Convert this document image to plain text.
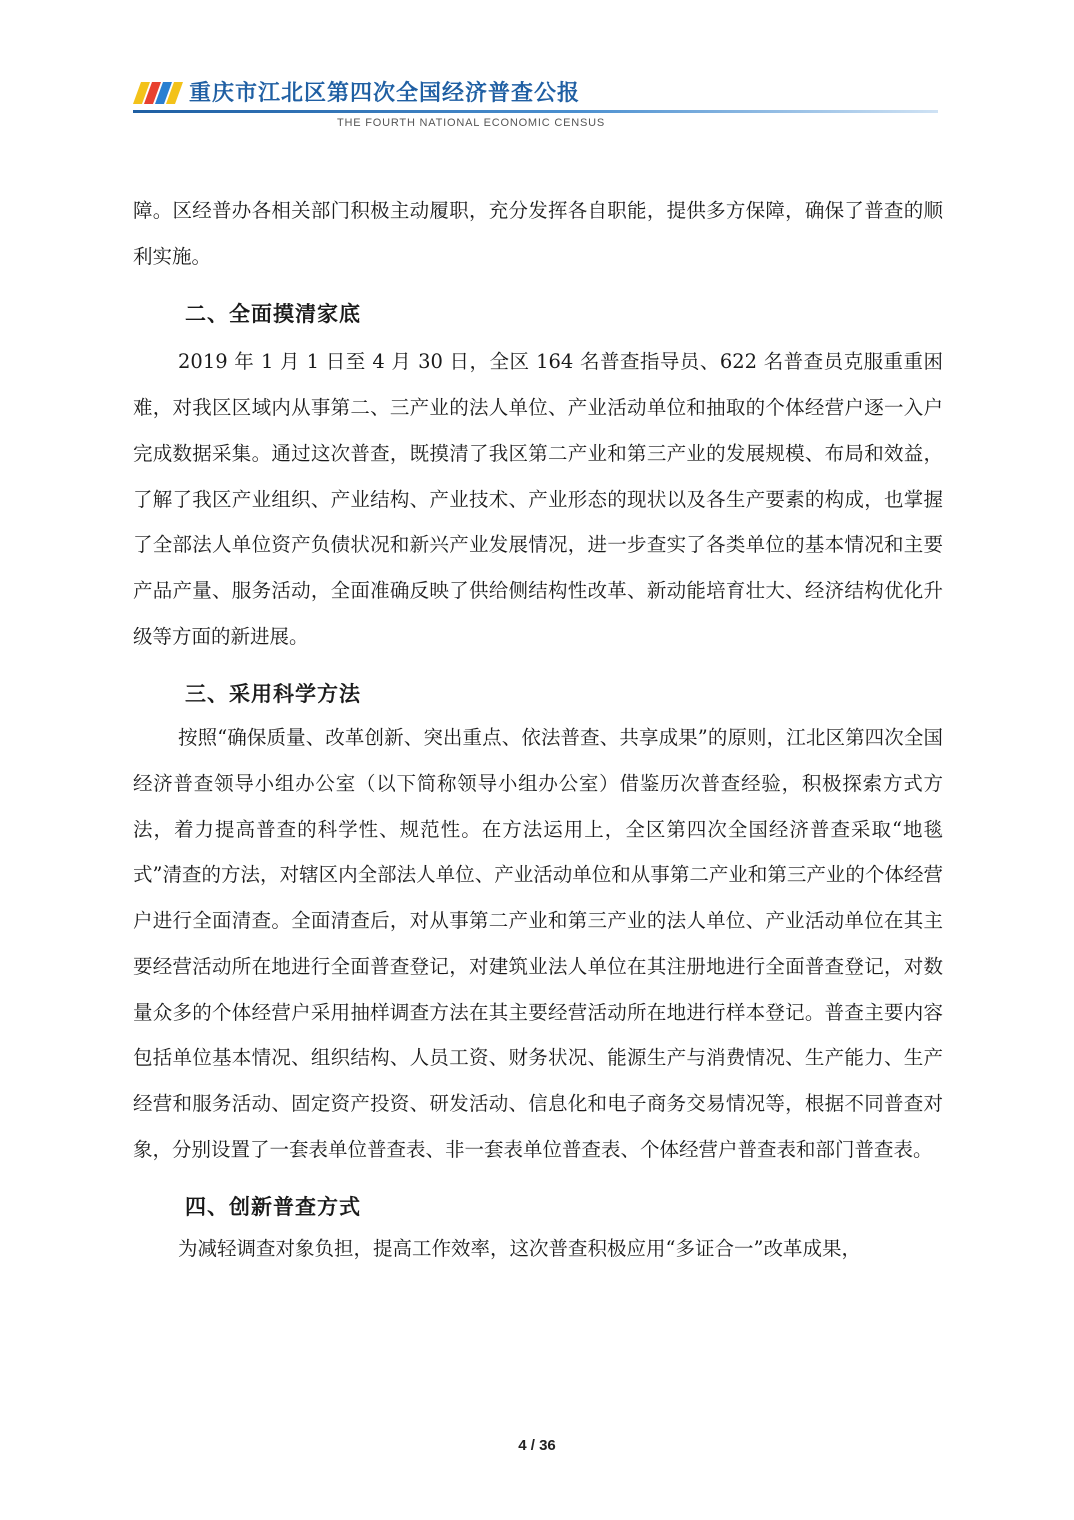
重庆市江北区第四次全国经济普查公报
THE FOURTH NATIONAL ECONOMIC CENSUS

障。区经普办各相关部门积极主动履职，充分发挥各自职能，提供多方保障，确保了普查的顺利实施。

二、全面摸清家底

2019 年 1 月 1 日至 4 月 30 日，全区 164 名普查指导员、622 名普查员克服重重困难，对我区区域内从事第二、三产业的法人单位、产业活动单位和抽取的个体经营户逐一入户完成数据采集。通过这次普查，既摸清了我区第二产业和第三产业的发展规模、布局和效益，了解了我区产业组织、产业结构、产业技术、产业形态的现状以及各生产要素的构成，也掌握了全部法人单位资产负债状况和新兴产业发展情况，进一步查实了各类单位的基本情况和主要产品产量、服务活动，全面准确反映了供给侧结构性改革、新动能培育壮大、经济结构优化升级等方面的新进展。

三、采用科学方法

按照“确保质量、改革创新、突出重点、依法普查、共享成果”的原则，江北区第四次全国经济普查领导小组办公室（以下简称领导小组办公室）借鉴历次普查经验，积极探索方式方法，着力提高普查的科学性、规范性。在方法运用上，全区第四次全国经济普查采取“地毯式”清查的方法，对辖区内全部法人单位、产业活动单位和从事第二产业和第三产业的个体经营户进行全面清查。全面清查后，对从事第二产业和第三产业的法人单位、产业活动单位在其主要经营活动所在地进行全面普查登记，对建筑业法人单位在其注册地进行全面普查登记，对数量众多的个体经营户采用抽样调查方法在其主要经营活动所在地进行样本登记。普查主要内容包括单位基本情况、组织结构、人员工资、财务状况、能源生产与消费情况、生产能力、生产经营和服务活动、固定资产投资、研发活动、信息化和电子商务交易情况等，根据不同普查对象，分别设置了一套表单位普查表、非一套表单位普查表、个体经营户普查表和部门普查表。

四、创新普查方式

为减轻调查对象负担，提高工作效率，这次普查积极应用“多证合一”改革成果，

4 / 36
